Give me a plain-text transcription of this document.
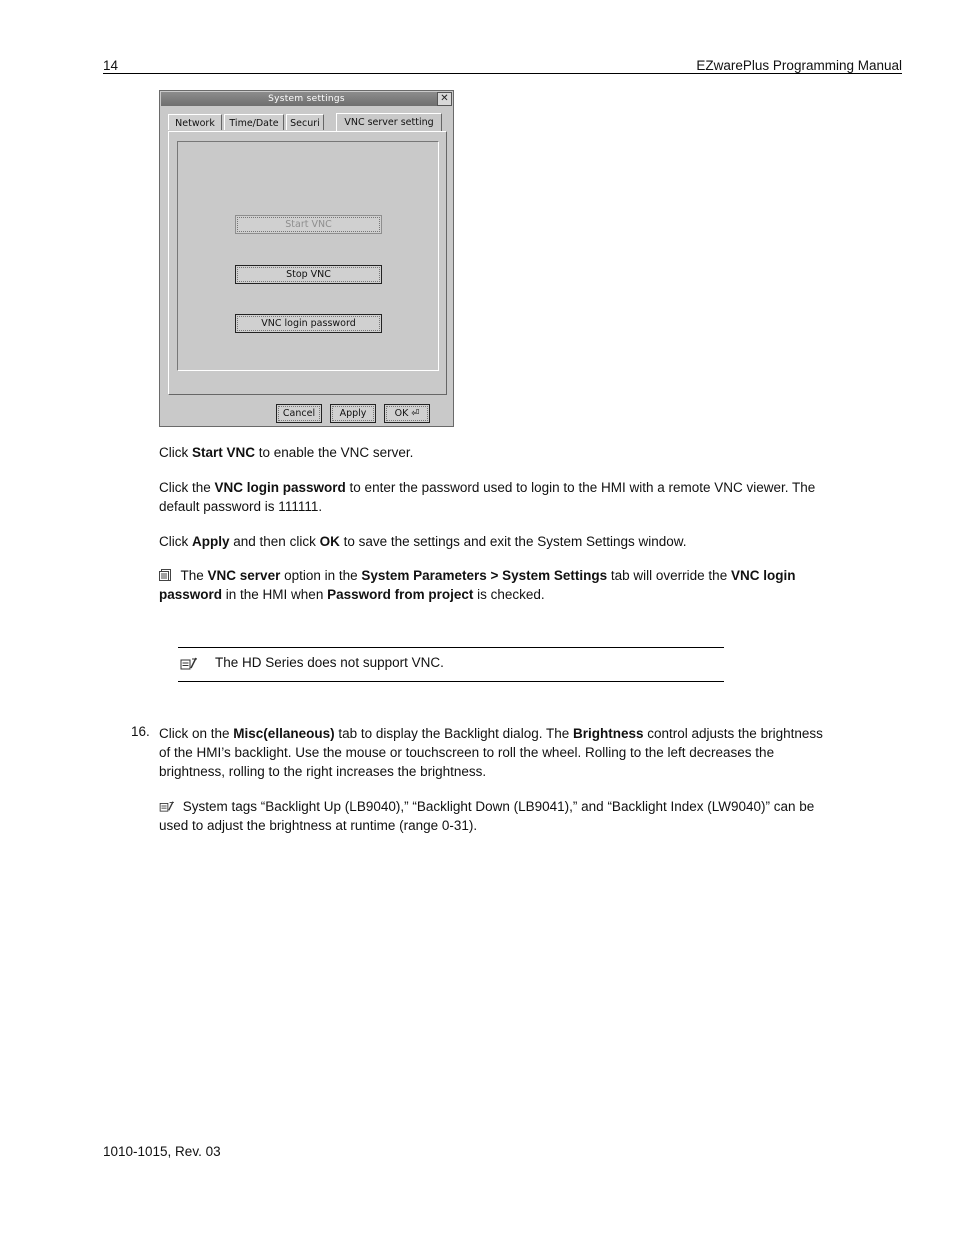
14	EZwarePlus Programming Manual
System settings	✕
Network	Time/Date	Securi	VNC server setting
Start VNC
Stop VNC
VNC login password
Cancel	Apply	OK ⏎
Click Start VNC to enable the VNC server.
Click the VNC login password to enter the password used to login to the HMI with a remote VNC viewer. The
default password is 111111.
Click Apply and then click OK to save the settings and exit the System Settings window.
The VNC server option in the System Parameters > System Settings tab will override the VNC login
password in the HMI when Password from project is checked.
The HD Series does not support VNC.
16. Click on the Misc(ellaneous) tab to display the Backlight dialog. The Brightness control adjusts the brightness
of the HMI’s backlight. Use the mouse or touchscreen to roll the wheel. Rolling to the left decreases the
brightness, rolling to the right increases the brightness.
System tags “Backlight Up (LB9040),” “Backlight Down (LB9041),” and “Backlight Index (LW9040)” can be
used to adjust the brightness at runtime (range 0-31).
1010-1015, Rev. 03
